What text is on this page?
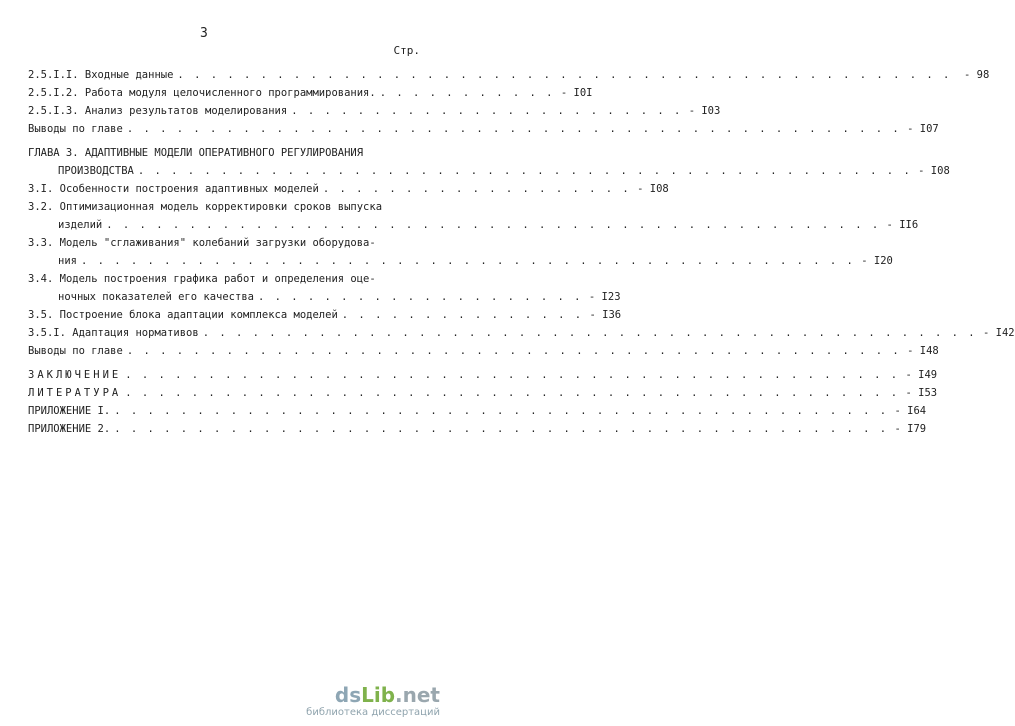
3
Стр.
2.5.I.I. Входные данные . . . . . . . . . . . . . . . . . . . . . . . . . . . . . . . . . . . . . . . . . . . . . . .	- 98
2.5.I.2. Работа модуля целочисленного программирования. . . . . . . . . . . . - I0I
2.5.I.3. Анализ результатов моделирования . . . . . . . . . . . . . . . . . . . . . . . . - I03
Выводы по главе . . . . . . . . . . . . . . . . . . . . . . . . . . . . . . . . . . . . . . . . . . . . . . . - I07
ГЛАВА 3. АДАПТИВНЫЕ МОДЕЛИ ОПЕРАТИВНОГО РЕГУЛИРОВАНИЯ
ПРОИЗВОДСТВА . . . . . . . . . . . . . . . . . . . . . . . . . . . . . . . . . . . . . . . . . . . . . . . - I08
3.I. Особенности построения адаптивных моделей . . . . . . . . . . . . . . . . . . . - I08
3.2. Оптимизационная модель корректировки сроков выпуска
изделий . . . . . . . . . . . . . . . . . . . . . . . . . . . . . . . . . . . . . . . . . . . . . . . - II6
3.3. Модель "сглаживания" колебаний загрузки оборудова-
ния . . . . . . . . . . . . . . . . . . . . . . . . . . . . . . . . . . . . . . . . . . . . . . . - I20
3.4. Модель построения графика работ и определения оце-
ночных показателей его качества . . . . . . . . . . . . . . . . . . . . - I23
3.5. Построение блока адаптации комплекса моделей . . . . . . . . . . . . . . . - I36
3.5.I. Адаптация нормативов . . . . . . . . . . . . . . . . . . . . . . . . . . . . . . . . . . . . . . . . . . . . . . . - I42
Выводы по главе . . . . . . . . . . . . . . . . . . . . . . . . . . . . . . . . . . . . . . . . . . . . . . . - I48
ЗАКЛЮЧЕНИЕ . . . . . . . . . . . . . . . . . . . . . . . . . . . . . . . . . . . . . . . . . . . . . . . - I49
ЛИТЕРАТУРА . . . . . . . . . . . . . . . . . . . . . . . . . . . . . . . . . . . . . . . . . . . . . . . - I53
ПРИЛОЖЕНИЕ I. . . . . . . . . . . . . . . . . . . . . . . . . . . . . . . . . . . . . . . . . . . . . . . . - I64
ПРИЛОЖЕНИЕ 2. . . . . . . . . . . . . . . . . . . . . . . . . . . . . . . . . . . . . . . . . . . . . . . . - I79
dsLib.net
библиотека диссертаций
